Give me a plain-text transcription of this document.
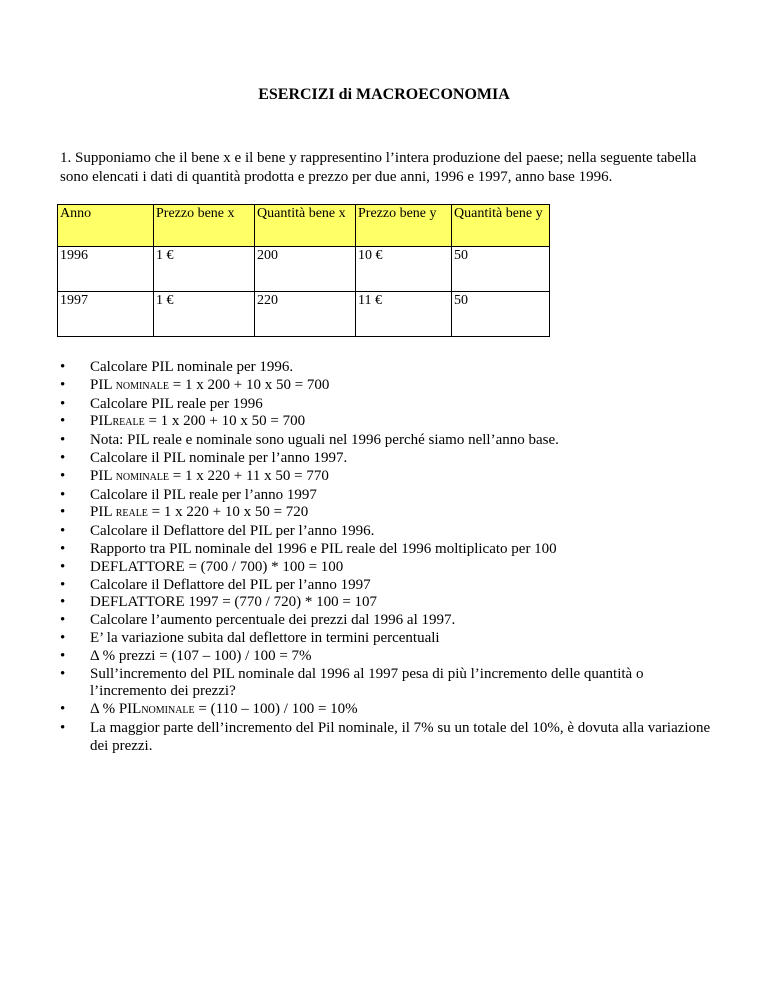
ESERCIZI di MACROECONOMIA
1. Supponiamo che il bene x e il bene y rappresentino l’intera produzione del paese; nella seguente tabella sono elencati i dati di quantità prodotta e prezzo per due anni, 1996 e 1997, anno base 1996.
Anno	Prezzo bene x	Quantità bene x	Prezzo bene y	Quantità bene y
1996	1 €	200	10 €	50
1997	1 €	220	11 €	50
• Calcolare PIL nominale per 1996.
• PIL NOMINALE = 1 x 200 + 10 x 50 = 700
• Calcolare PIL reale per 1996
• PILREALE = 1 x 200 + 10 x 50 = 700
• Nota: PIL reale e nominale sono uguali nel 1996 perché siamo nell’anno base.
• Calcolare il PIL nominale per l’anno 1997.
• PIL NOMINALE = 1 x 220 + 11 x 50 = 770
• Calcolare il PIL reale per l’anno 1997
• PIL REALE = 1 x 220 + 10 x 50 = 720
• Calcolare il Deflattore del PIL per l’anno 1996.
• Rapporto tra PIL nominale del 1996 e PIL reale del 1996 moltiplicato per 100
• DEFLATTORE = (700 / 700) * 100 = 100
• Calcolare il Deflattore del PIL per l’anno 1997
• DEFLATTORE 1997 = (770 / 720) * 100 = 107
• Calcolare l’aumento percentuale dei prezzi dal 1996 al 1997.
• E’ la variazione subita dal deflettore in termini percentuali
• Δ % prezzi = (107 – 100) / 100 = 7%
• Sull’incremento del PIL nominale dal 1996 al 1997 pesa di più l’incremento delle quantità o l’incremento dei prezzi?
• Δ % PILNOMINALE = (110 – 100) / 100 = 10%
• La maggior parte dell’incremento del Pil nominale, il 7% su un totale del 10%, è dovuta alla variazione dei prezzi.
